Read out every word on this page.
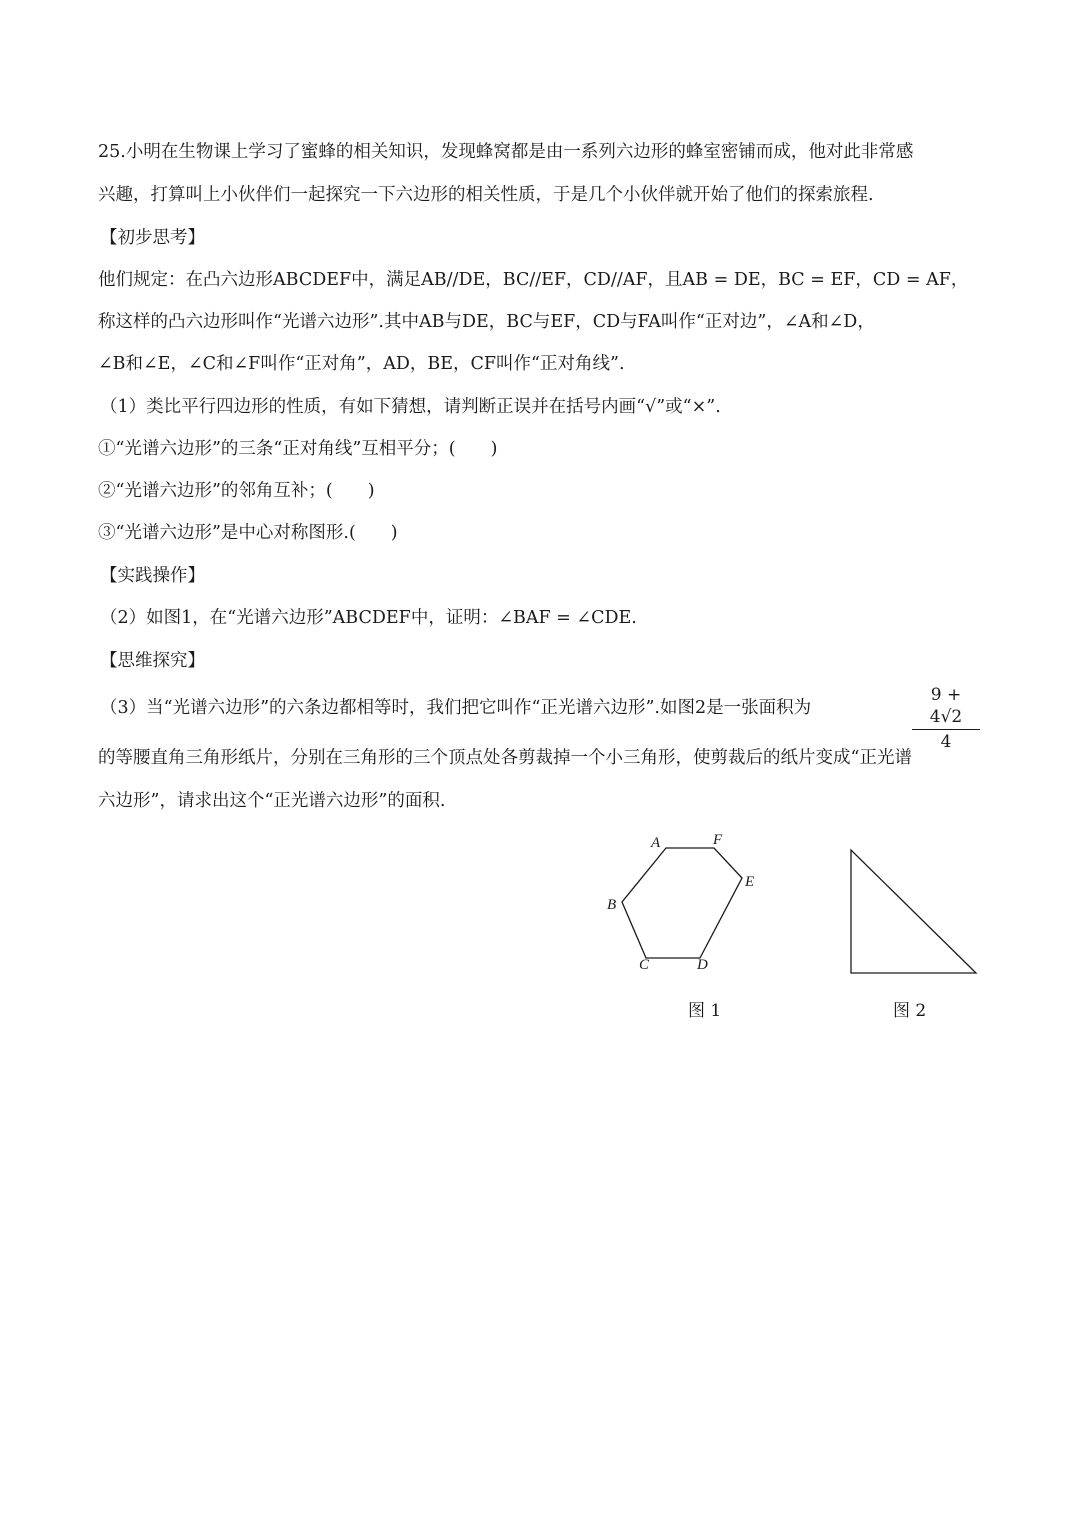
25.小明在生物课上学习了蜜蜂的相关知识，发现蜂窝都是由一系列六边形的蜂室密铺而成，他对此非常感
兴趣，打算叫上小伙伴们一起探究一下六边形的相关性质，于是几个小伙伴就开始了他们的探索旅程.
【初步思考】
他们规定：在凸六边形ABCDEF中，满足AB//DE，BC//EF，CD//AF，且AB = DE，BC = EF，CD = AF，
称这样的凸六边形叫作“光谱六边形”.其中AB与DE，BC与EF，CD与FA叫作“正对边”，∠A和∠D，
∠B和∠E，∠C和∠F叫作“正对角”，AD，BE，CF叫作“正对角线”.
（1）类比平行四边形的性质，有如下猜想，请判断正误并在括号内画“√”或“×”.
①“光谱六边形”的三条“正对角线”互相平分；(　　)
②“光谱六边形”的邻角互补；(　　)
③“光谱六边形”是中心对称图形.(　　)
【实践操作】
（2）如图1，在“光谱六边形”ABCDEF中，证明：∠BAF = ∠CDE.
【思维探究】
（3）当“光谱六边形”的六条边都相等时，我们把它叫作“正光谱六边形”.如图2是一张面积为	$\frac{9 + 4√2}{4}$
的等腰直角三角形纸片，分别在三角形的三个顶点处各剪裁掉一个小三角形，使剪裁后的纸片变成“正光谱
六边形”，请求出这个“正光谱六边形”的面积.
A	F
E
D
C
B
图 1	图 2
